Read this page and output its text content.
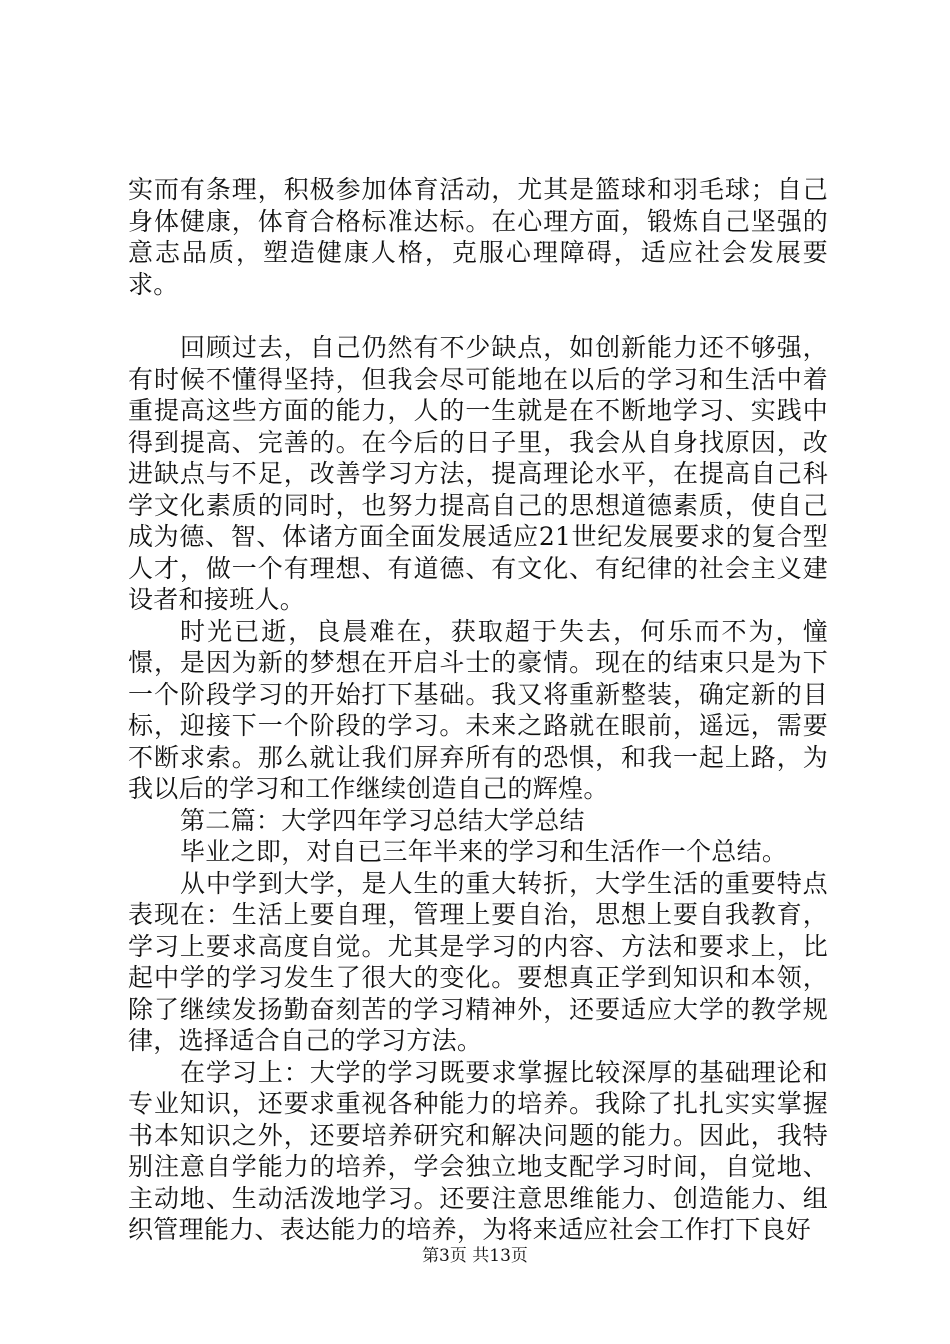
实而有条理，积极参加体育活动，尤其是篮球和羽毛球；自己身体健康，体育合格标准达标。在心理方面，锻炼自己坚强的意志品质，塑造健康人格，克服心理障碍，适应社会发展要求。

回顾过去，自己仍然有不少缺点，如创新能力还不够强，有时候不懂得坚持，但我会尽可能地在以后的学习和生活中着重提高这些方面的能力，人的一生就是在不断地学习、实践中得到提高、完善的。在今后的日子里，我会从自身找原因，改进缺点与不足，改善学习方法，提高理论水平，在提高自己科学文化素质的同时，也努力提高自己的思想道德素质，使自己成为德、智、体诸方面全面发展适应21世纪发展要求的复合型人才，做一个有理想、有道德、有文化、有纪律的社会主义建设者和接班人。

时光已逝，良晨难在，获取超于失去，何乐而不为，憧憬，是因为新的梦想在开启斗士的豪情。现在的结束只是为下一个阶段学习的开始打下基础。我又将重新整装，确定新的目标，迎接下一个阶段的学习。未来之路就在眼前，遥远，需要不断求索。那么就让我们屏弃所有的恐惧，和我一起上路，为我以后的学习和工作继续创造自己的辉煌。

第二篇：大学四年学习总结大学总结

毕业之即，对自已三年半来的学习和生活作一个总结。

从中学到大学，是人生的重大转折，大学生活的重要特点表现在：生活上要自理，管理上要自治，思想上要自我教育，学习上要求高度自觉。尤其是学习的内容、方法和要求上，比起中学的学习发生了很大的变化。要想真正学到知识和本领，除了继续发扬勤奋刻苦的学习精神外，还要适应大学的教学规律，选择适合自己的学习方法。

在学习上：大学的学习既要求掌握比较深厚的基础理论和专业知识，还要求重视各种能力的培养。我除了扎扎实实掌握书本知识之外，还要培养研究和解决问题的能力。因此，我特别注意自学能力的培养，学会独立地支配学习时间，自觉地、主动地、生动活泼地学习。还要注意思维能力、创造能力、组织管理能力、表达能力的培养，为将来适应社会工作打下良好

第3页 共13页
